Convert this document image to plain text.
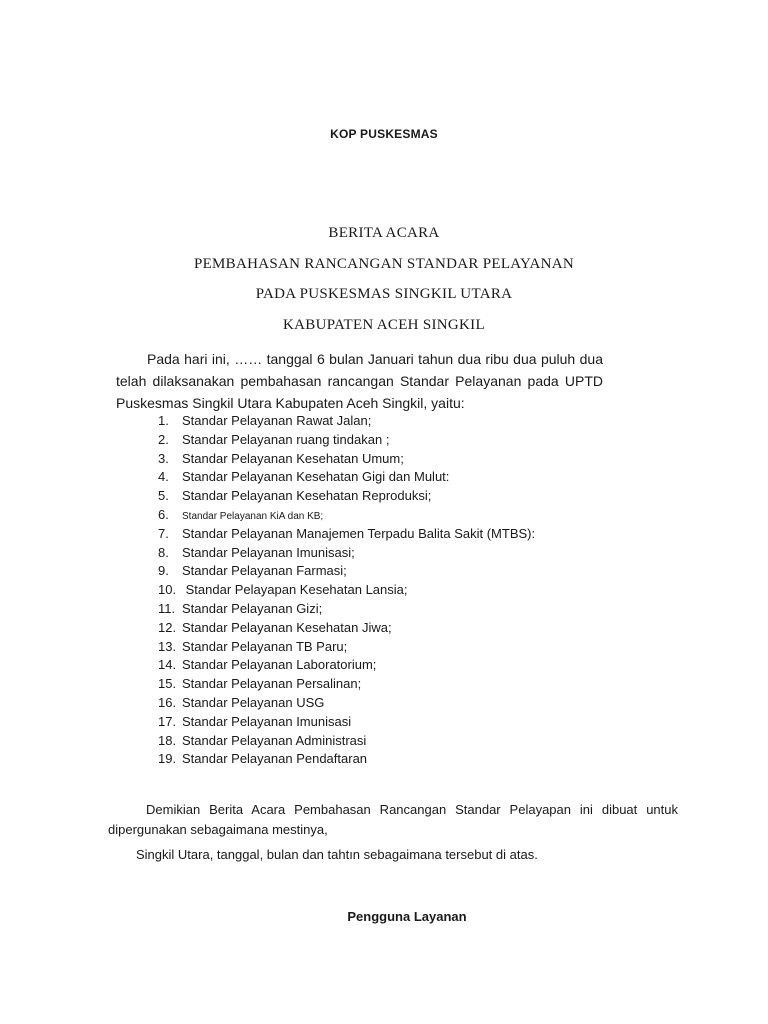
KOP PUSKESMAS
BERITA ACARA
PEMBAHASAN RANCANGAN STANDAR PELAYANAN
PADA PUSKESMAS SINGKIL UTARA
KABUPATEN ACEH SINGKIL
Pada hari ini, …… tanggal 6 bulan Januari tahun dua ribu dua puluh dua telah dilaksanakan pembahasan rancangan Standar Pelayanan pada UPTD Puskesmas Singkil Utara Kabupaten Aceh Singkil, yaitu:
1. Standar Pelayanan Rawat Jalan;
2. Standar Pelayanan ruang tindakan ;
3. Standar Pelayanan Kesehatan Umum;
4. Standar Pelayanan Kesehatan Gigi dan Mulut:
5. Standar Pelayanan Kesehatan Reproduksi;
6. Standar Pelayanan KiA dan KB;
7. Standar Pelayanan Manajemen Terpadu Balita Sakit (MTBS):
8. Standar Pelayanan Imunisasi;
9. Standar Pelayanan Farmasi;
10. Standar Pelayapan Kesehatan Lansia;
11. Standar Pelayanan Gizi;
12. Standar Pelayanan Kesehatan Jiwa;
13. Standar Pelayanan TB Paru;
14. Standar Pelayanan Laboratorium;
15. Standar Pelayanan Persalinan;
16. Standar Pelayanan USG
17. Standar Pelayanan Imunisasi
18. Standar Pelayanan Administrasi
19. Standar Pelayanan Pendaftaran
Demikian Berita Acara Pembahasan Rancangan Standar Pelayapan ini dibuat untuk dipergunakan sebagaimana mestinya,
Singkil Utara, tanggal, bulan dan tahtın sebagaimana tersebut di atas.
Pengguna Layanan
